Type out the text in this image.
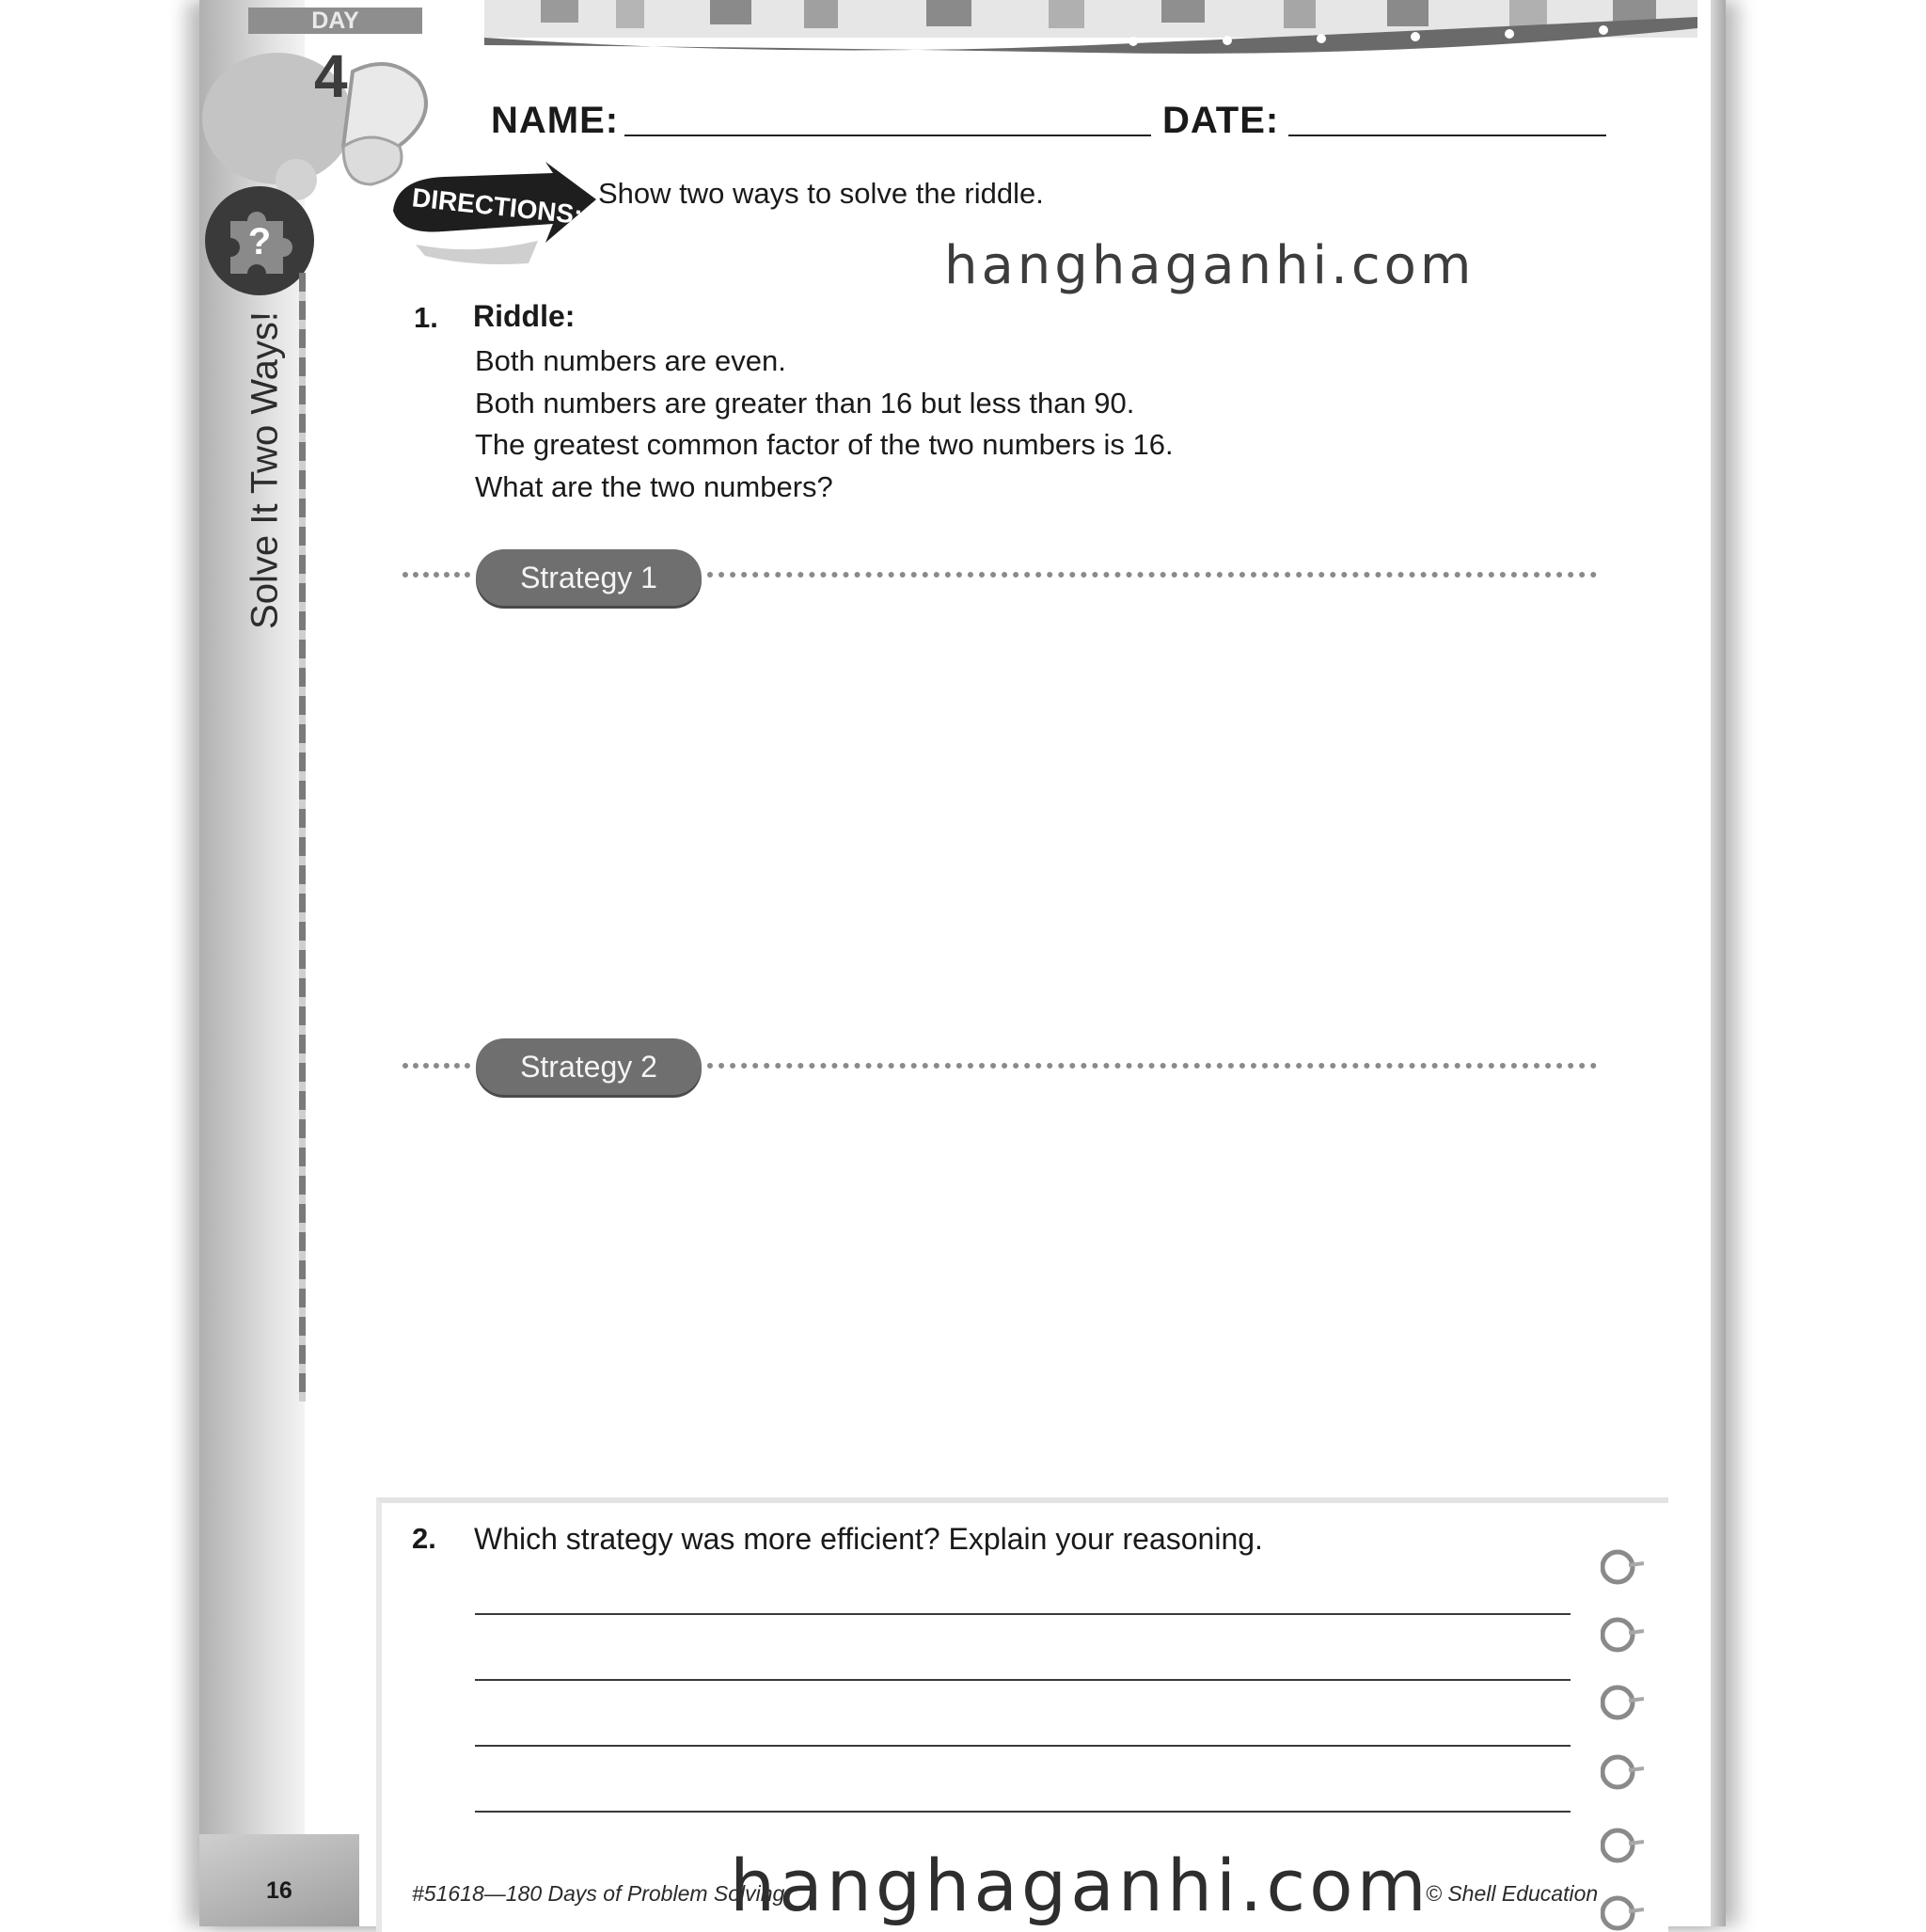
DAY
4
?
Solve It Two Ways!
NAME:	DATE:
DIRECTIONS: Show two ways to solve the riddle.
hanghaganhi.com
1. Riddle:
Both numbers are even.
Both numbers are greater than 16 but less than 90.
The greatest common factor of the two numbers is 16.
What are the two numbers?
Strategy 1
Strategy 2
2. Which strategy was more efficient? Explain your reasoning.
16	#51618—180 Days of Problem Solving	© Shell Education
hanghaganhi.com
